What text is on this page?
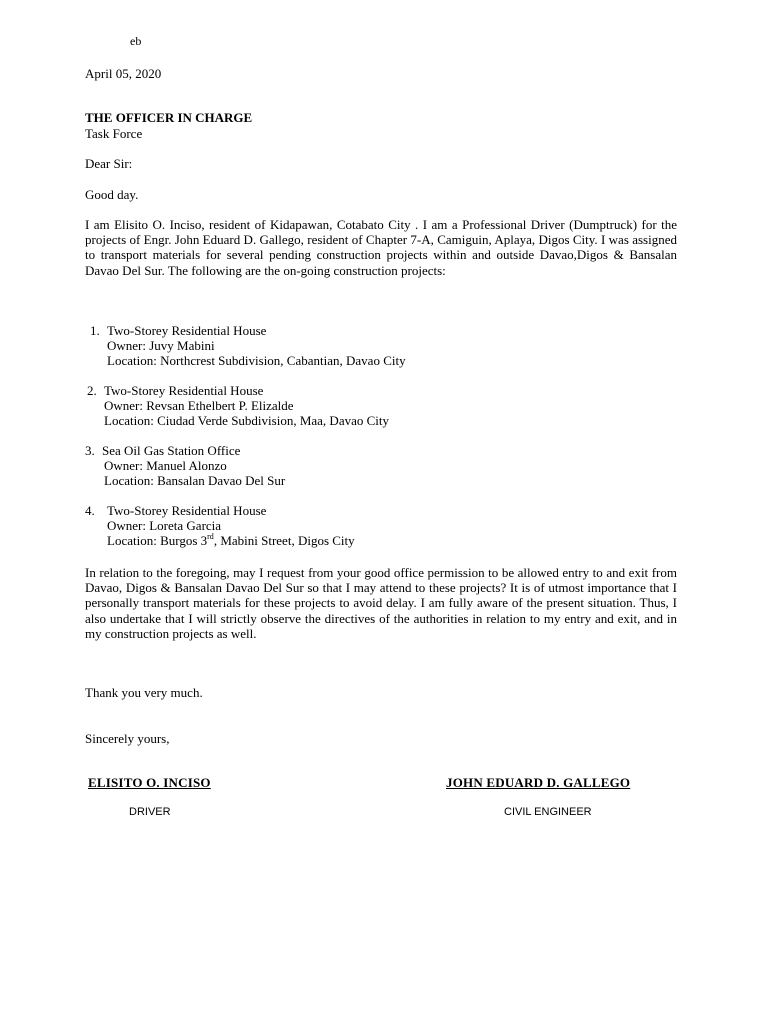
eb
April 05, 2020
THE OFFICER IN CHARGE
Task Force
Dear Sir:
Good day.
I am Elisito O. Inciso, resident of Kidapawan, Cotabato City . I am a Professional Driver (Dumptruck) for the projects of Engr. John Eduard D. Gallego, resident of Chapter 7-A, Camiguin, Aplaya, Digos City. I was assigned to transport materials for several pending construction projects within and outside Davao,Digos & Bansalan Davao Del Sur. The following are the on-going construction projects:
1. Two-Storey Residential House
Owner: Juvy Mabini
Location: Northcrest Subdivision, Cabantian, Davao City
2. Two-Storey Residential House
Owner: Revsan Ethelbert P. Elizalde
Location: Ciudad Verde Subdivision, Maa, Davao City
3. Sea Oil Gas Station Office
Owner: Manuel Alonzo
Location: Bansalan Davao Del Sur
4. Two-Storey Residential House
Owner: Loreta Garcia
Location: Burgos 3rd, Mabini Street, Digos City
In relation to the foregoing, may I request from your good office permission to be allowed entry to and exit from Davao, Digos & Bansalan Davao Del Sur so that I may attend to these projects? It is of utmost importance that I personally transport materials for these projects to avoid delay. I am fully aware of the present situation. Thus, I also undertake that I will strictly observe the directives of the authorities in relation to my entry and exit, and in my construction projects as well.
Thank you very much.
Sincerely yours,
ELISITO O. INCISO	JOHN EDUARD D. GALLEGO
DRIVER	CIVIL ENGINEER
